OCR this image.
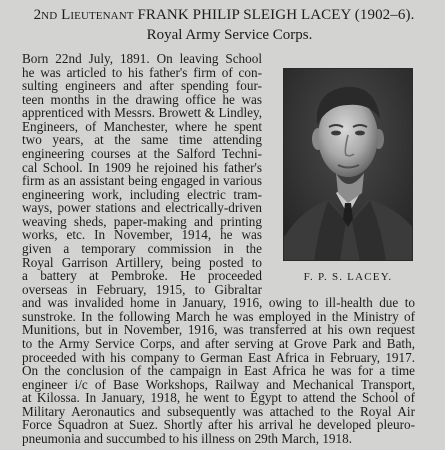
2nd Lieutenant FRANK PHILIP SLEIGH LACEY (1902–6).
Royal Army Service Corps.
F. P. S. LACEY.
Born 22nd July, 1891. On leaving School
he was articled to his father's firm of con-
sulting engineers and after spending four-
teen months in the drawing office he was
apprenticed with Messrs. Browett & Lindley,
Engineers, of Manchester, where he spent
two years, at the same time attending
engineering courses at the Salford Techni-
cal School. In 1909 he rejoined his father's
firm as an assistant being engaged in various
engineering work, including electric tram-
ways, power stations and electrically-driven
weaving sheds, paper-making and printing
works, etc. In November, 1914, he was
given a temporary commission in the
Royal Garrison Artillery, being posted to
a battery at Pembroke. He proceeded
overseas in February, 1915, to Gibraltar
and was invalided home in January, 1916, owing to ill-health due to
sunstroke. In the following March he was employed in the Ministry of
Munitions, but in November, 1916, was transferred at his own request
to the Army Service Corps, and after serving at Grove Park and Bath,
proceeded with his company to German East Africa in February, 1917.
On the conclusion of the campaign in East Africa he was for a time
engineer i/c of Base Workshops, Railway and Mechanical Transport,
at Kilossa. In January, 1918, he went to Egypt to attend the School of
Military Aeronautics and subsequently was attached to the Royal Air
Force Squadron at Suez. Shortly after his arrival he developed pleuro-
pneumonia and succumbed to his illness on 29th March, 1918.
